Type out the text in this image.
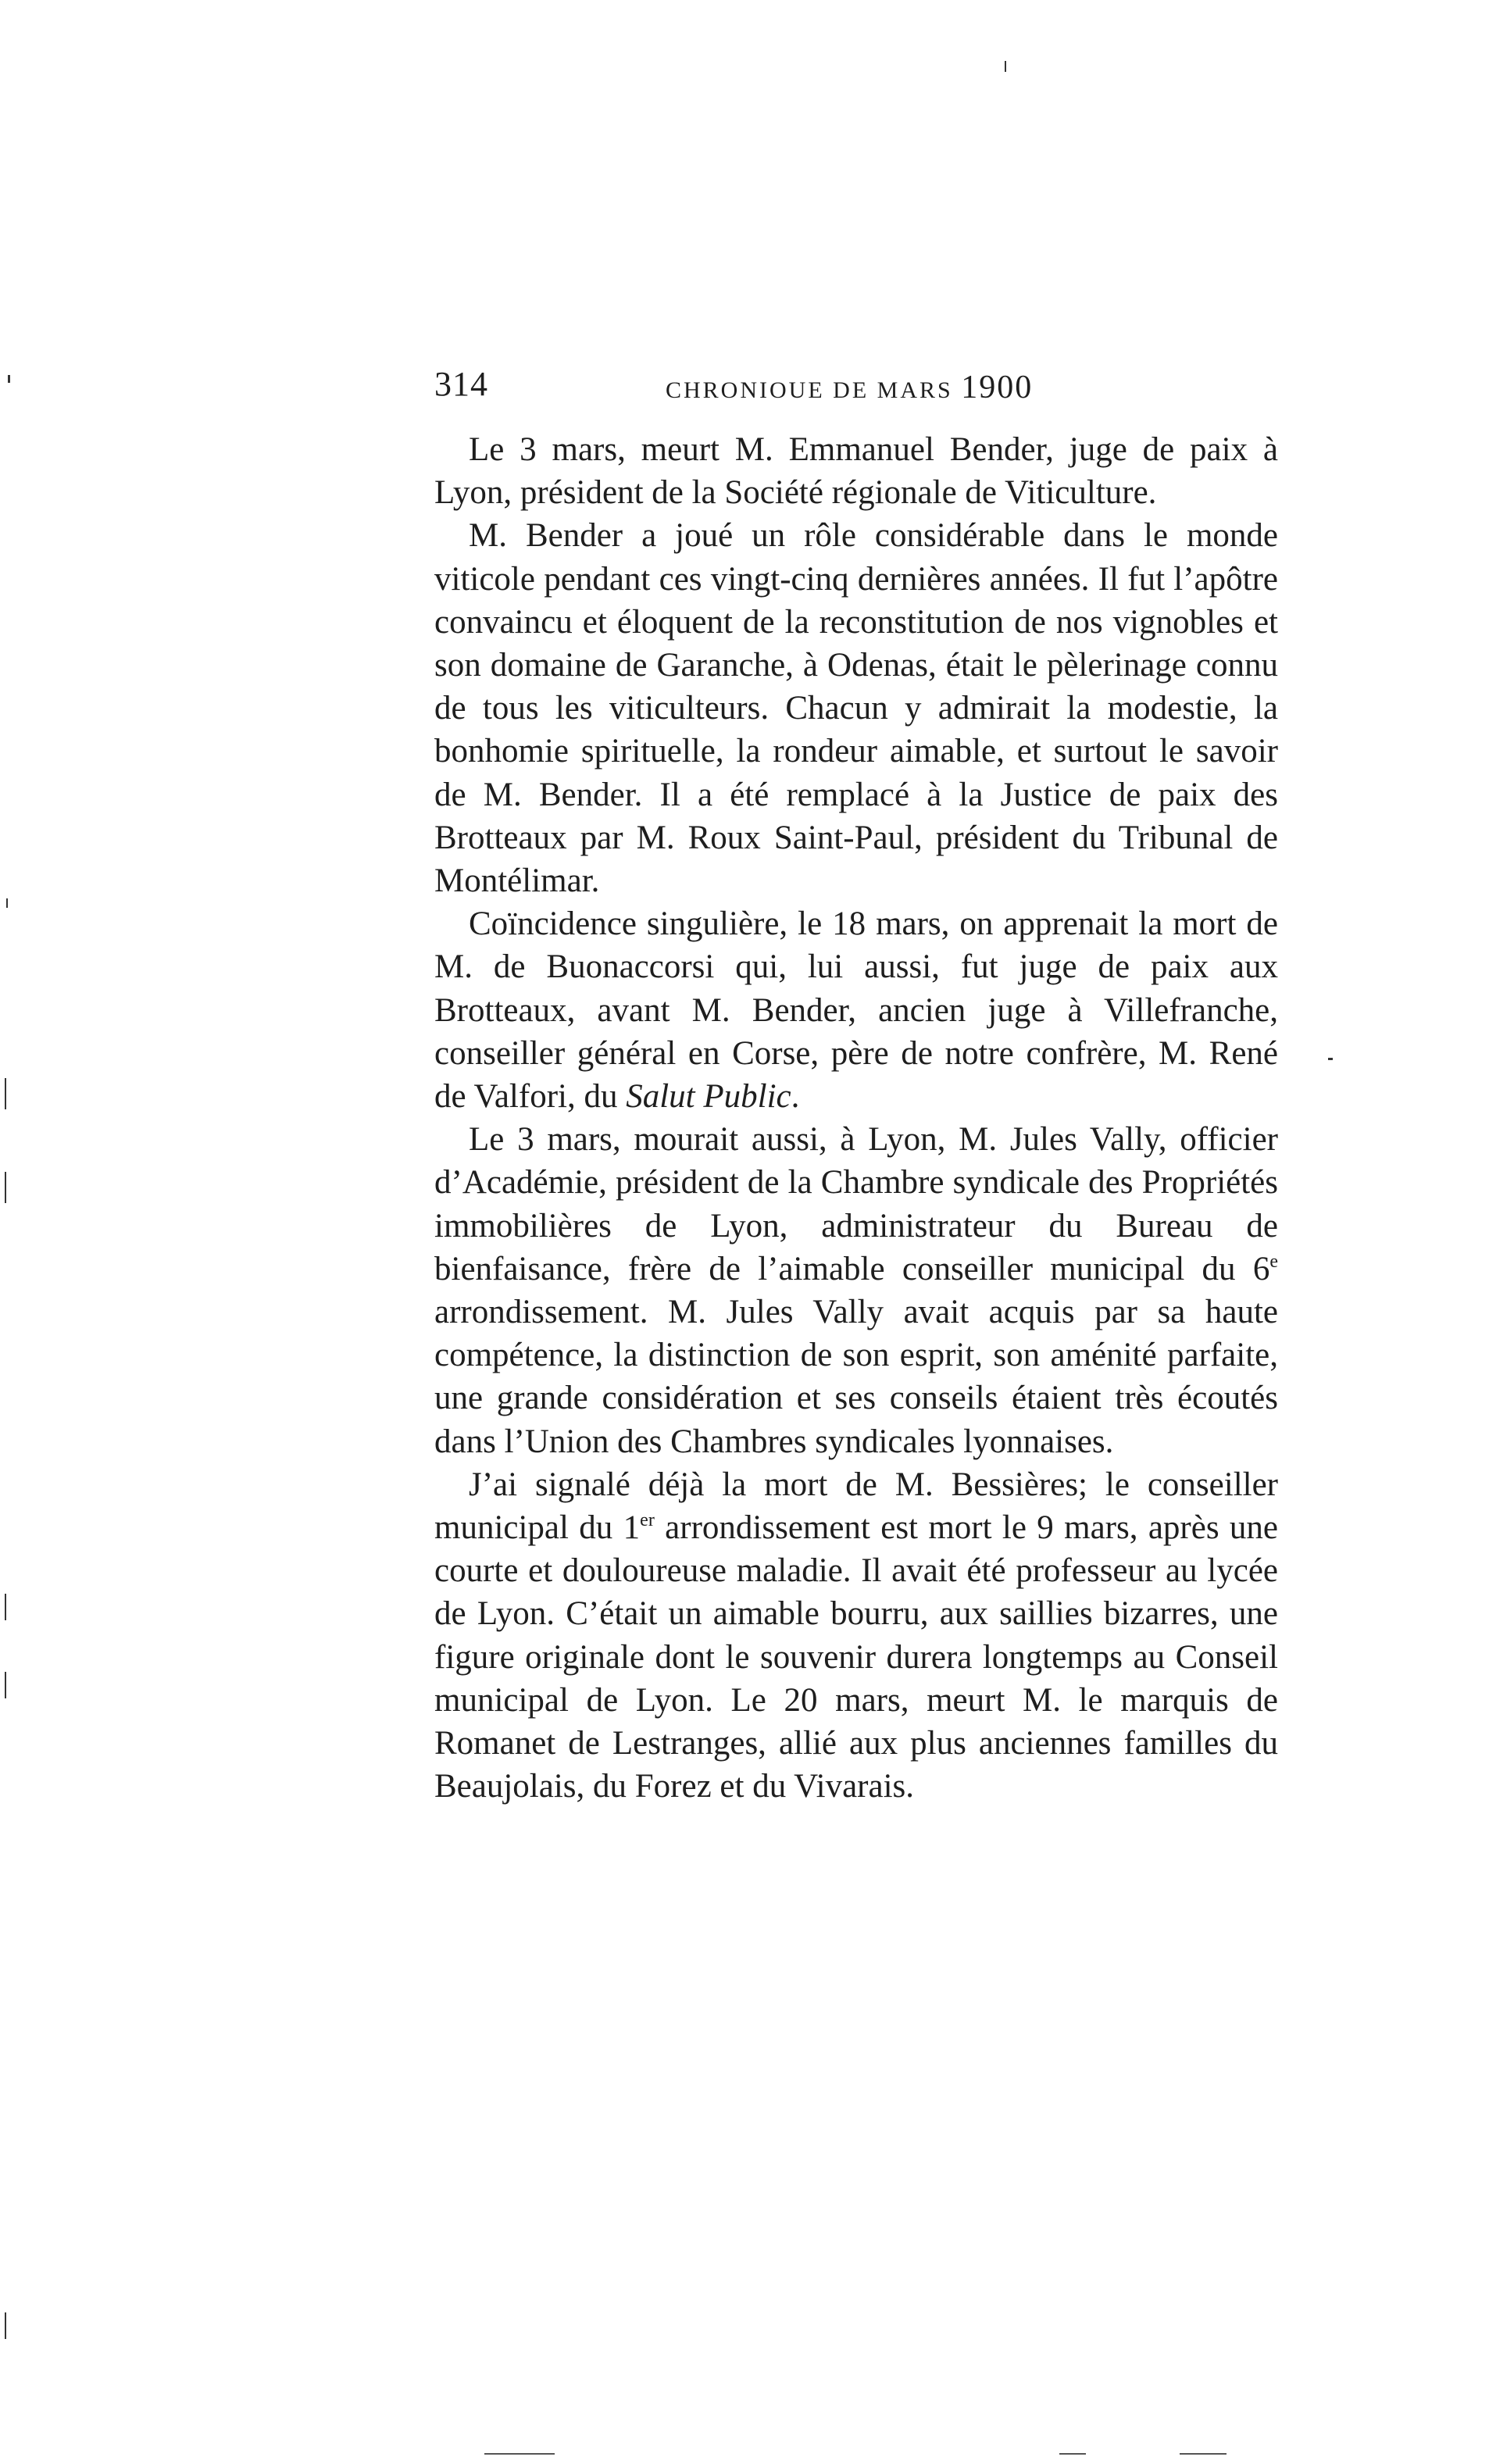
314	CHRONIOUE DE MARS 1900

Le 3 mars, meurt M. Emmanuel Bender, juge de paix à Lyon, président de la Société régionale de Viticulture.

M. Bender a joué un rôle considérable dans le monde viticole pendant ces vingt-cinq dernières années. Il fut l’apôtre convaincu et éloquent de la reconstitution de nos vignobles et son domaine de Garanche, à Odenas, était le pèlerinage connu de tous les viticulteurs. Chacun y admirait la modestie, la bonhomie spirituelle, la rondeur aimable, et surtout le savoir de M. Bender. Il a été remplacé à la Justice de paix des Brotteaux par M. Roux Saint-Paul, président du Tribunal de Montélimar.

Coïncidence singulière, le 18 mars, on apprenait la mort de M. de Buonaccorsi qui, lui aussi, fut juge de paix aux Brotteaux, avant M. Bender, ancien juge à Villefranche, conseiller général en Corse, père de notre confrère, M. René de Valfori, du Salut Public.

Le 3 mars, mourait aussi, à Lyon, M. Jules Vally, officier d’Académie, président de la Chambre syndicale des Propriétés immobilières de Lyon, administrateur du Bureau de bienfaisance, frère de l’aimable conseiller municipal du 6e arrondissement. M. Jules Vally avait acquis par sa haute compétence, la distinction de son esprit, son aménité parfaite, une grande considération et ses conseils étaient très écoutés dans l’Union des Chambres syndicales lyonnaises.

J’ai signalé déjà la mort de M. Bessières; le conseiller municipal du 1er arrondissement est mort le 9 mars, après une courte et douloureuse maladie. Il avait été professeur au lycée de Lyon. C’était un aimable bourru, aux saillies bizarres, une figure originale dont le souvenir durera longtemps au Conseil municipal de Lyon. Le 20 mars, meurt M. le marquis de Romanet de Lestranges, allié aux plus anciennes familles du Beaujolais, du Forez et du Vivarais.
